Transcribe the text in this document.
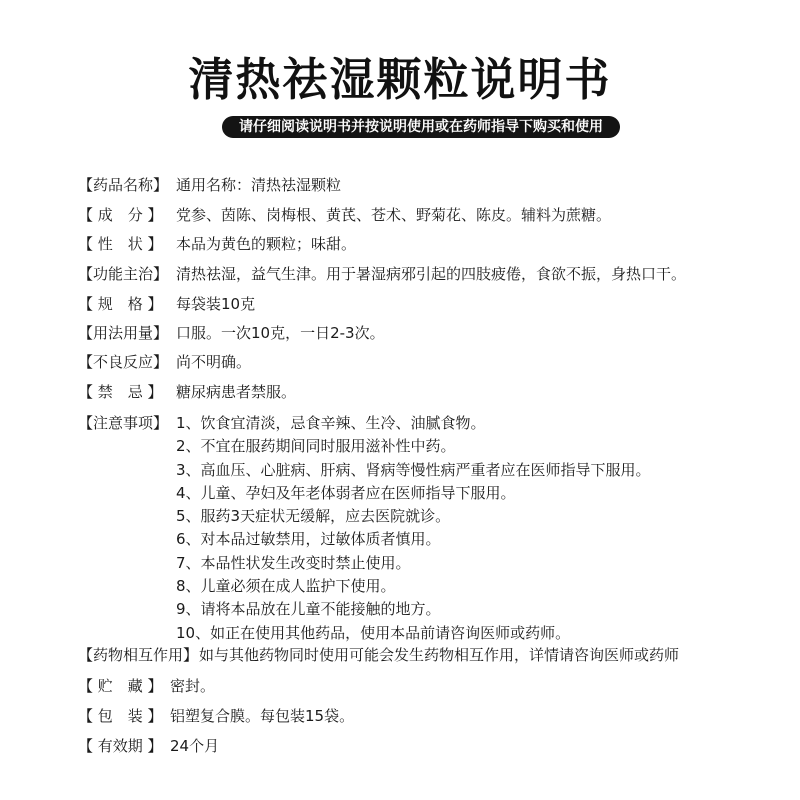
清热祛湿颗粒说明书
请仔细阅读说明书并按说明使用或在药师指导下购买和使用
【药品名称】 通用名称：清热祛湿颗粒
【 成　分 】 党参、茵陈、岗梅根、黄芪、苍术、野菊花、陈皮。辅料为蔗糖。
【 性　状 】 本品为黄色的颗粒；味甜。
【功能主治】 清热祛湿，益气生津。用于暑湿病邪引起的四肢疲倦，食欲不振，身热口干。
【 规　格 】 每袋装10克
【用法用量】 口服。一次10克，一日2-3次。
【不良反应】 尚不明确。
【 禁　忌 】 糖尿病患者禁服。
【注意事项】 1、饮食宜清淡，忌食辛辣、生冷、油腻食物。
2、不宜在服药期间同时服用滋补性中药。
3、高血压、心脏病、肝病、肾病等慢性病严重者应在医师指导下服用。
4、儿童、孕妇及年老体弱者应在医师指导下服用。
5、服药3天症状无缓解，应去医院就诊。
6、对本品过敏禁用，过敏体质者慎用。
7、本品性状发生改变时禁止使用。
8、儿童必须在成人监护下使用。
9、请将本品放在儿童不能接触的地方。
10、如正在使用其他药品，使用本品前请咨询医师或药师。
【药物相互作用】 如与其他药物同时使用可能会发生药物相互作用，详情请咨询医师或药师
【 贮　藏 】 密封。
【 包　装 】 铝塑复合膜。每包装15袋。
【 有效期 】 24个月
